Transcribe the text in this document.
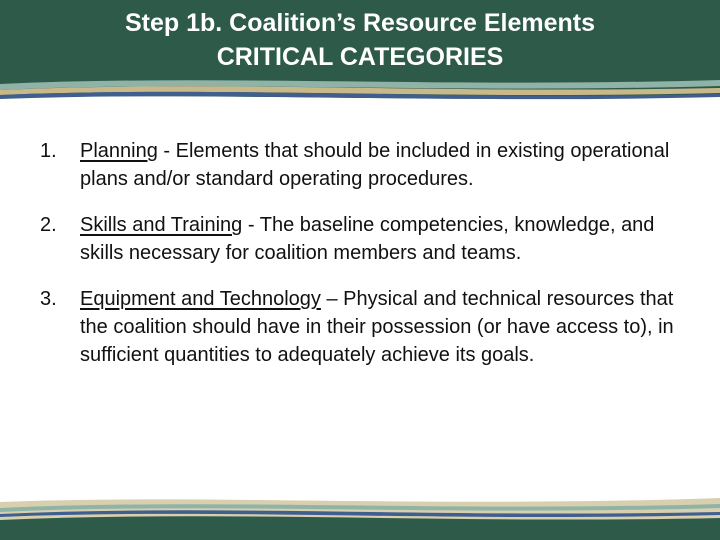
Step 1b. Coalition’s Resource Elements
CRITICAL CATEGORIES
1. Planning - Elements that should be included in existing operational plans and/or standard operating procedures.
2. Skills and Training - The baseline competencies, knowledge, and skills necessary for coalition members and teams.
3. Equipment and Technology – Physical and technical resources that the coalition should have in their possession (or have access to), in sufficient quantities to adequately achieve its goals.
